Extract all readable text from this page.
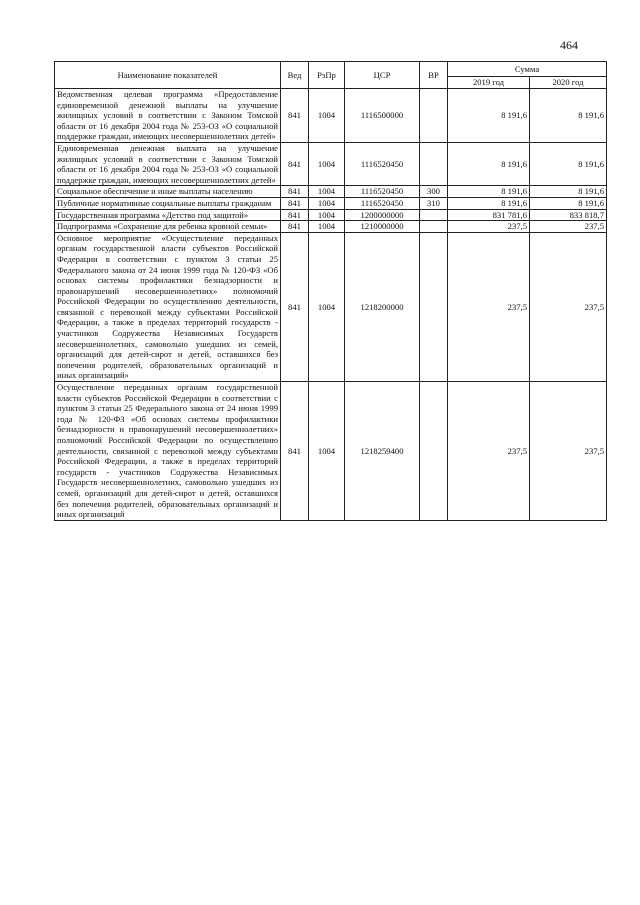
464
Наименование показателей	Вед	РзПр	ЦСР	ВР	Сумма	
					2019 год	2020 год
Ведомственная целевая программа «Предоставление единовременной денежной выплаты на улучшение жилищных условий в соответствии с Законом Томской области от 16 декабря 2004 года № 253-ОЗ «О социальной поддержке граждан, имеющих несовершеннолетних детей»	841	1004	1116500000		8 191,6	8 191,6
Единовременная денежная выплата на улучшение жилищных условий в соответствии с Законом Томской области от 16 декабря 2004 года № 253-ОЗ «О социальной поддержке граждан, имеющих несовершеннолетних детей»	841	1004	1116520450		8 191,6	8 191,6
Социальное обеспечение и иные выплаты населению	841	1004	1116520450	300	8 191,6	8 191,6
Публичные нормативные социальные выплаты гражданам	841	1004	1116520450	310	8 191,6	8 191,6
Государственная программа «Детство под защитой»	841	1004	1200000000		831 781,6	833 818,7
Подпрограмма «Сохранение для ребенка кровной семьи»	841	1004	1210000000		237,5	237,5
Основное мероприятие «Осуществление переданных органам государственной власти субъектов Российской Федерации в соответствии с пунктом 3 статьи 25 Федерального закона от 24 июня 1999 года № 120-ФЗ «Об основах системы профилактики безнадзорности и правонарушений несовершеннолетних» полномочий Российской Федерации по осуществлению деятельности, связанной с перевозкой между субъектами Российской Федерации, а также в пределах территорий государств - участников Содружества Независимых Государств несовершеннолетних, самовольно ушедших из семей, организаций для детей-сирот и детей, оставшихся без попечения родителей, образовательных организаций и иных организаций»	841	1004	1218200000		237,5	237,5
Осуществление переданных органам государственной власти субъектов Российской Федерации в соответствии с пунктом 3 статьи 25 Федерального закона от 24 июня 1999 года № 120-ФЗ «Об основах системы профилактики безнадзорности и правонарушений несовершеннолетних» полномочий Российской Федерации по осуществлению деятельности, связанной с перевозкой между субъектами Российской Федерации, а также в пределах территорий государств - участников Содружества Независимых Государств несовершеннолетних, самовольно ушедших из семей, организаций для детей-сирот и детей, оставшихся без попечения родителей, образовательных организаций и иных организаций	841	1004	1218259400		237,5	237,5
